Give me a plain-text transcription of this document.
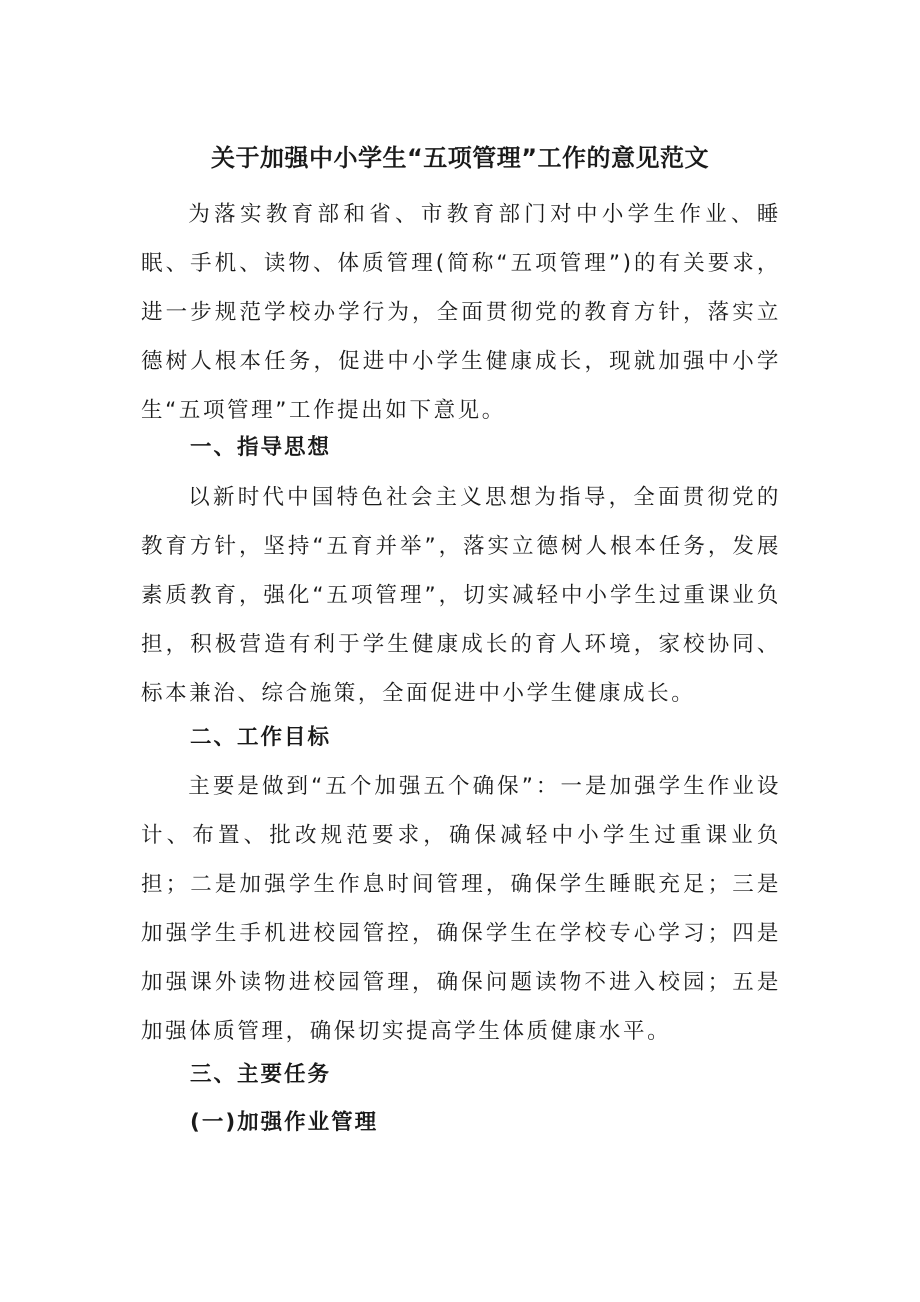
关于加强中小学生“五项管理”工作的意见范文
为落实教育部和省、市教育部门对中小学生作业、睡眠、手机、读物、体质管理(简称“五项管理”)的有关要求，进一步规范学校办学行为，全面贯彻党的教育方针，落实立德树人根本任务，促进中小学生健康成长，现就加强中小学生“五项管理”工作提出如下意见。
一、指导思想
以新时代中国特色社会主义思想为指导，全面贯彻党的教育方针，坚持“五育并举”，落实立德树人根本任务，发展素质教育，强化“五项管理”，切实减轻中小学生过重课业负担，积极营造有利于学生健康成长的育人环境，家校协同、标本兼治、综合施策，全面促进中小学生健康成长。
二、工作目标
主要是做到“五个加强五个确保”：一是加强学生作业设计、布置、批改规范要求，确保减轻中小学生过重课业负担；二是加强学生作息时间管理，确保学生睡眠充足；三是加强学生手机进校园管控，确保学生在学校专心学习；四是加强课外读物进校园管理，确保问题读物不进入校园；五是加强体质管理，确保切实提高学生体质健康水平。
三、主要任务
(一)加强作业管理
